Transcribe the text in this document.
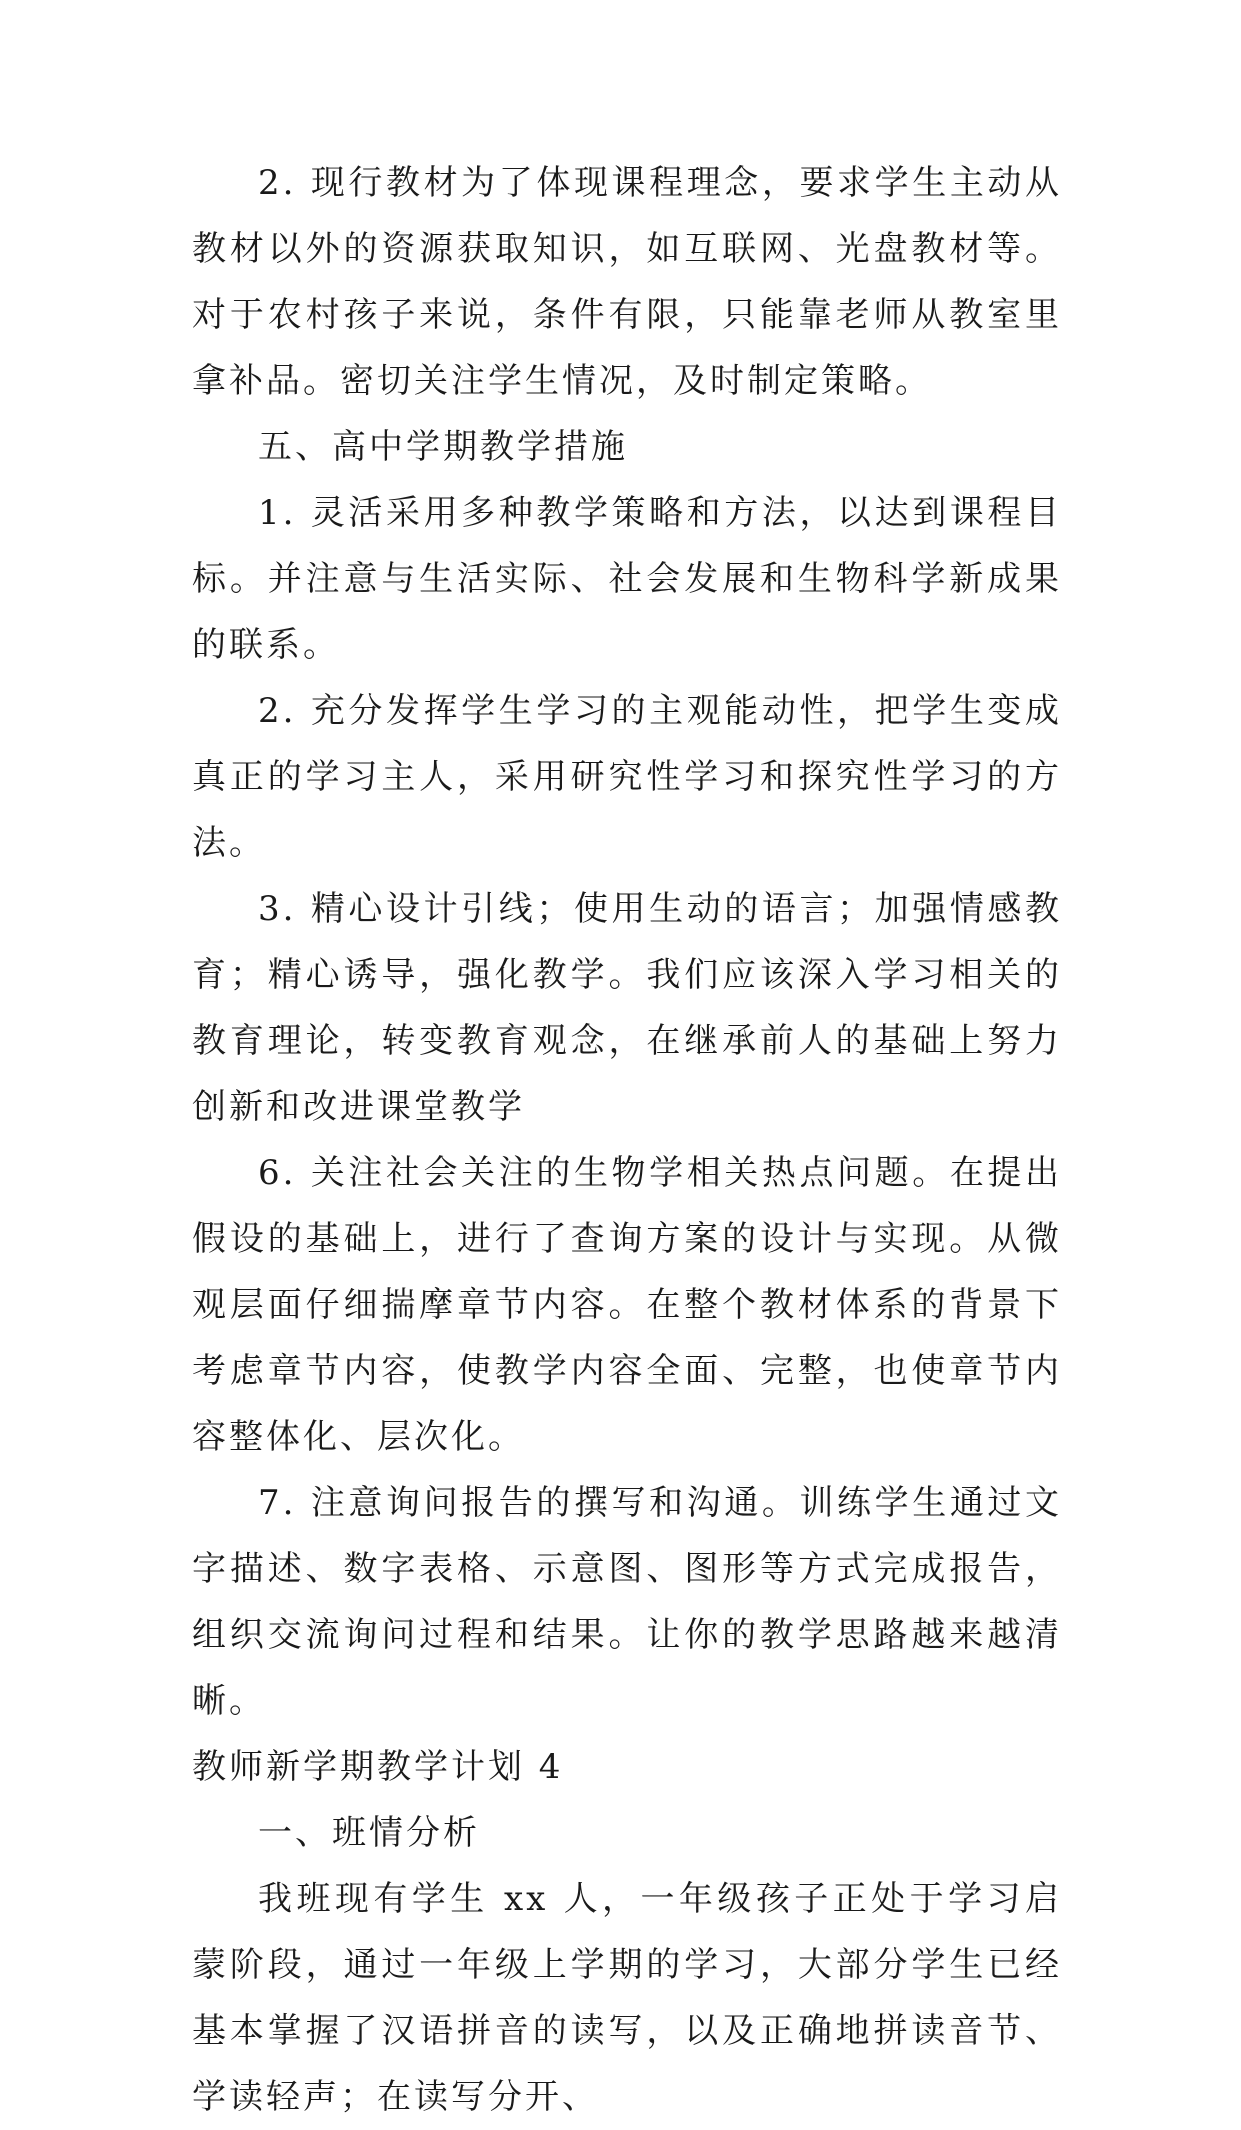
2. 现行教材为了体现课程理念，要求学生主动从教材以外的资源获取知识，如互联网、光盘教材等。对于农村孩子来说，条件有限，只能靠老师从教室里拿补品。密切关注学生情况，及时制定策略。

五、高中学期教学措施

1. 灵活采用多种教学策略和方法，以达到课程目标。并注意与生活实际、社会发展和生物科学新成果的联系。

2. 充分发挥学生学习的主观能动性，把学生变成真正的学习主人，采用研究性学习和探究性学习的方法。

3. 精心设计引线；使用生动的语言；加强情感教育；精心诱导，强化教学。我们应该深入学习相关的教育理论，转变教育观念，在继承前人的基础上努力创新和改进课堂教学

6. 关注社会关注的生物学相关热点问题。在提出假设的基础上，进行了查询方案的设计与实现。从微观层面仔细揣摩章节内容。在整个教材体系的背景下考虑章节内容，使教学内容全面、完整，也使章节内容整体化、层次化。

7. 注意询问报告的撰写和沟通。训练学生通过文字描述、数字表格、示意图、图形等方式完成报告，组织交流询问过程和结果。让你的教学思路越来越清晰。

教师新学期教学计划 4

一、班情分析

我班现有学生 xx 人，一年级孩子正处于学习启蒙阶段，通过一年级上学期的学习，大部分学生已经基本掌握了汉语拼音的读写，以及正确地拼读音节、学读轻声；在读写分开、
